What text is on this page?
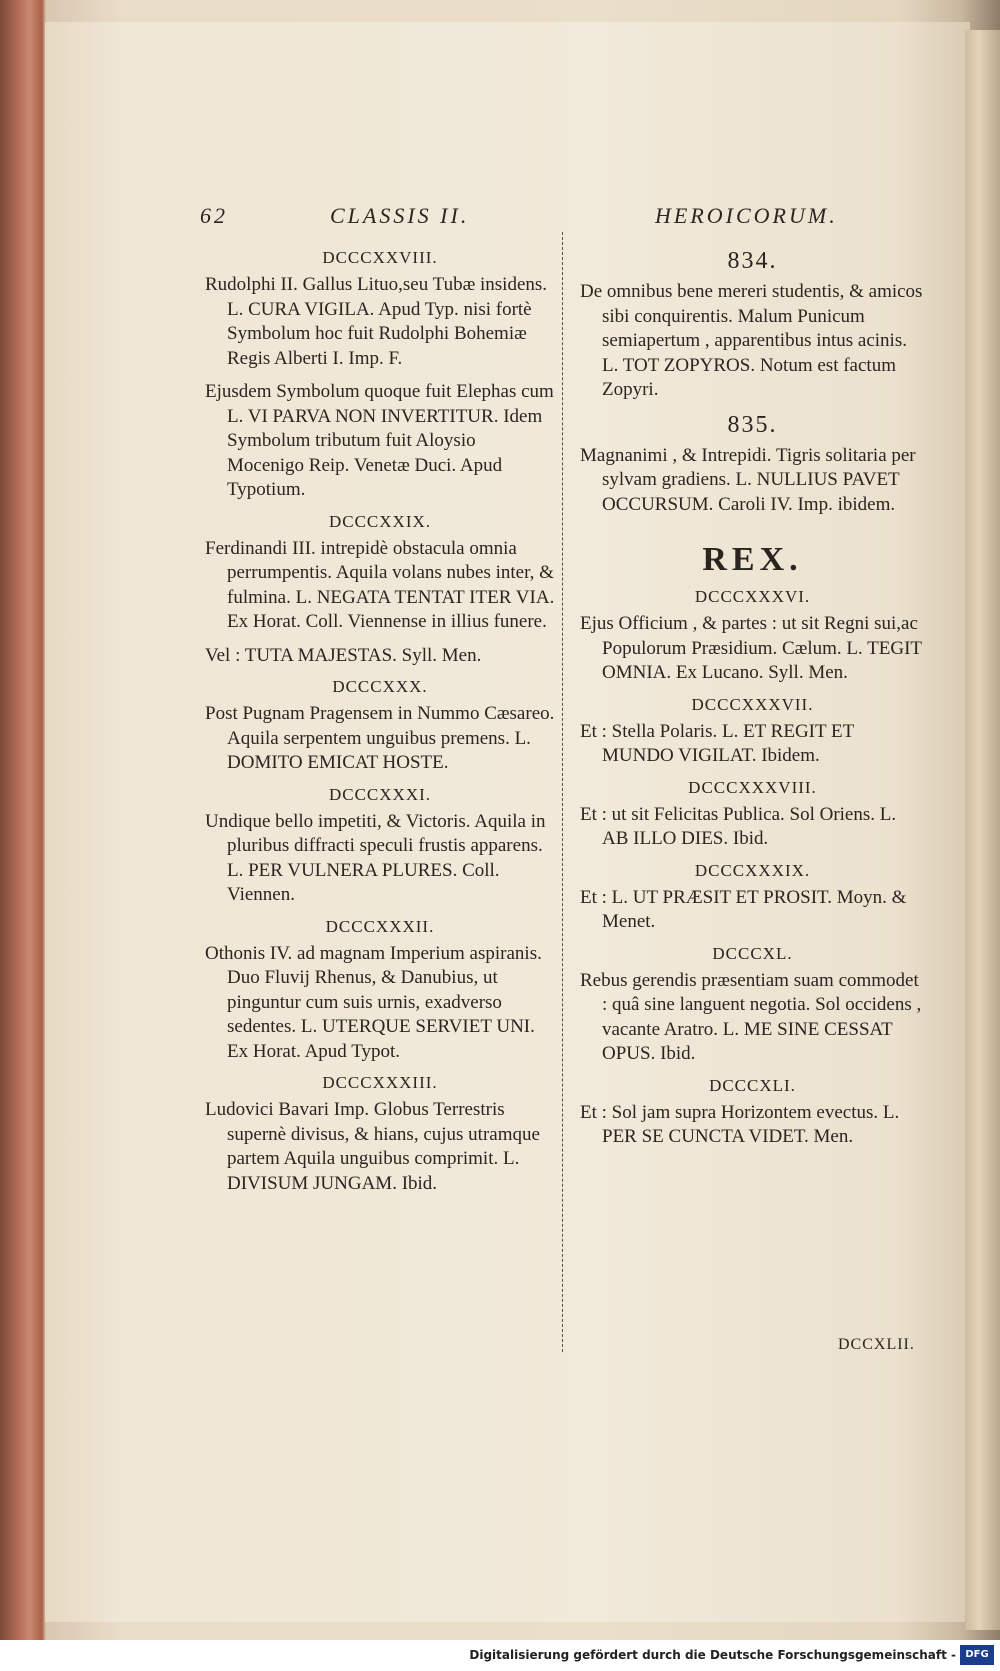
62	CLASSIS II.	HEROICORUM.
DCCCXXVIII.
Rudolphi II. Gallus Lituo,seu Tubæ insidens. L. CURA VIGILA. Apud Typ. nisi fortè Symbolum hoc fuit Rudolphi Bohemiæ Regis Alberti I. Imp. F.
Ejusdem Symbolum quoque fuit Elephas cum L. VI PARVA NON INVERTITUR. Idem Symbolum tributum fuit Aloysio Mocenigo Reip. Venetæ Duci. Apud Typotium.
DCCCXXIX.
Ferdinandi III. intrepidè obstacula omnia perrumpentis. Aquila volans nubes inter, & fulmina. L. NEGATA TENTAT ITER VIA. Ex Horat. Coll. Viennense in illius funere.
Vel : TUTA MAJESTAS. Syll. Men.
DCCCXXX.
Post Pugnam Pragensem in Nummo Cæsareo. Aquila serpentem unguibus premens. L. DOMITO EMICAT HOSTE.
DCCCXXXI.
Undique bello impetiti, & Victoris. Aquila in pluribus diffracti speculi frustis apparens. L. PER VULNERA PLURES. Coll. Viennen.
DCCCXXXII.
Othonis IV. ad magnam Imperium aspiranis. Duo Fluvij Rhenus, & Danubius, ut pinguntur cum suis urnis, exadverso sedentes. L. UTERQUE SERVIET UNI. Ex Horat. Apud Typot.
DCCCXXXIII.
Ludovici Bavari Imp. Globus Terrestris supernè divisus, & hians, cujus utramque partem Aquila unguibus comprimit. L. DIVISUM JUNGAM. Ibid.
834.
De omnibus bene mereri studentis, & amicos sibi conquirentis. Malum Punicum semiapertum , apparentibus intus acinis. L. TOT ZOPYROS. Notum est factum Zopyri.
835.
Magnanimi , & Intrepidi. Tigris solitaria per sylvam gradiens. L. NULLIUS PAVET OCCURSUM. Caroli IV. Imp. ibidem.
REX.
DCCCXXXVI.
Ejus Officium , & partes : ut sit Regni sui,ac Populorum Præsidium. Cælum. L. TEGIT OMNIA. Ex Lucano. Syll. Men.
DCCCXXXVII.
Et : Stella Polaris. L. ET REGIT ET MUNDO VIGILAT. Ibidem.
DCCCXXXVIII.
Et : ut sit Felicitas Publica. Sol Oriens. L. AB ILLO DIES. Ibid.
DCCCXXXIX.
Et : L. UT PRÆSIT ET PROSIT. Moyn. & Menet.
DCCCXL.
Rebus gerendis præsentiam suam commodet : quâ sine languent negotia. Sol occidens , vacante Aratro. L. ME SINE CESSAT OPUS. Ibid.
DCCCXLI.
Et : Sol jam supra Horizontem evectus. L. PER SE CUNCTA VIDET. Men.
DCCXLII.
Digitalisierung gefördert durch die Deutsche Forschungsgemeinschaft - DFG
